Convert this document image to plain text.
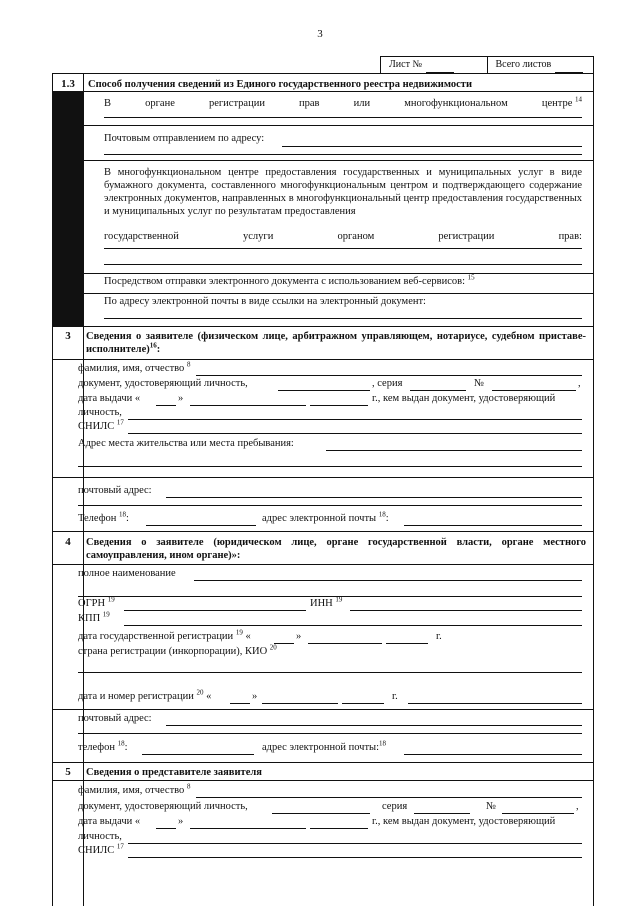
3
Лист №	Всего листов
1.3	Способ получения сведений из Единого государственного реестра недвижимости
В	органе	регистрации	прав	или	многофункциональном	центре $^{14}$
Почтовым отправлением по адресу:
В многофункциональном центре предоставления государственных и муниципальных услуг в виде бумажного документа, составленного многофункциональным центром и подтверждающего содержание электронных документов, направленных в многофункциональный центр предоставления государственных и муниципальных услуг по результатам предоставления
государственной	услуги	органом	регистрации	прав:
Посредством отправки электронного документа с использованием веб-сервисов: $^{15}$
По адресу электронной почты в виде ссылки на электронный документ:
3	Сведения о заявителе (физическом лице, арбитражном управляющем, нотариусе, судебном приставе-исполнителе)$^{16}$:
фамилия, имя, отчество $^8$
документ, удостоверяющий личность,	, серия	№	,
дата выдачи «	»	г., кем выдан документ, удостоверяющий
личность,
СНИЛС $^{17}$
Адрес места жительства или места пребывания:
почтовый адрес:
Телефон $^{18}$:	адрес электронной почты $^{18}$:
4	Сведения о заявителе (юридическом лице, органе государственной власти, органе местного самоуправления, ином органе)»:
полное наименование
ОГРН $^{19}$	ИНН $^{19}$
КПП $^{19}$
дата государственной регистрации $^{19}$ «	»	г.
страна регистрации (инкорпорации), КИО $^{20}$
дата и номер регистрации $^{20}$ «	»	г.
почтовый адрес:
телефон $^{18}$:	адрес электронной почты:$^{18}$
5	Сведения о представителе заявителя
фамилия, имя, отчество $^8$
документ, удостоверяющий личность,	серия	№	,
дата выдачи «	»	г., кем выдан документ, удостоверяющий
личность,
СНИЛС $^{17}$
